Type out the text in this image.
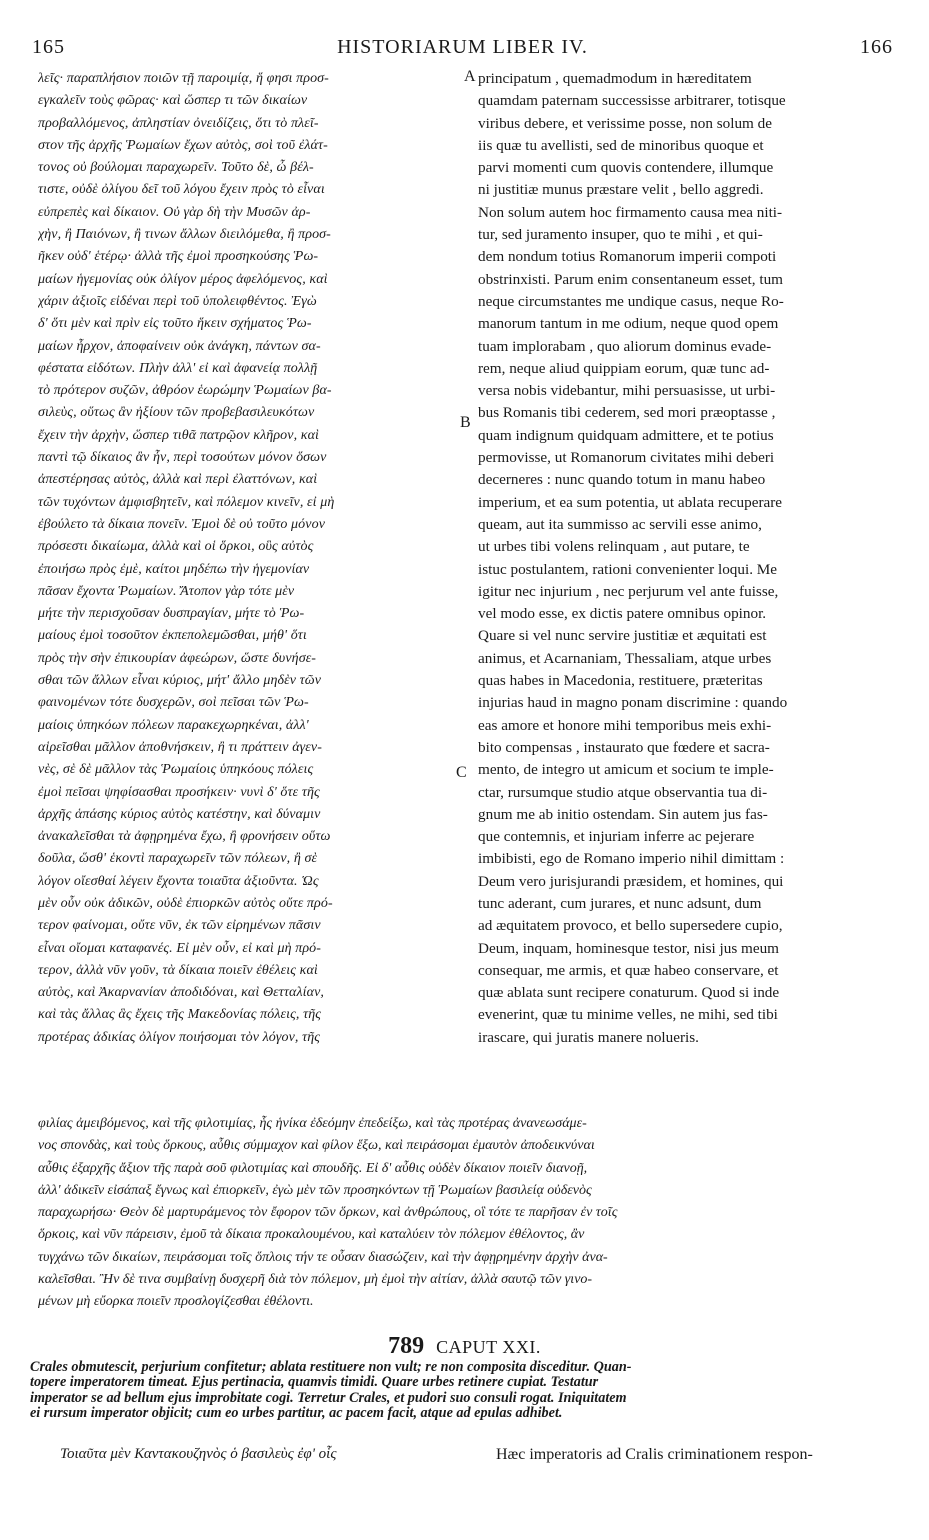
165	HISTORIARUM LIBER IV.	166
λεῖς· παραπλήσιον ποιῶν τῇ παροιμίᾳ, ἥ φησι προσ-
εγκαλεῖν τοὺς φῶρας· καὶ ὥσπερ τι τῶν δικαίων
προβαλλόμενος, ἀπληστίαν ὀνειδίζεις, ὅτι τὸ πλεῖ-
στον τῆς ἀρχῆς Ῥωμαίων ἔχων αὐτὸς, σοὶ τοῦ ἐλάτ-
τονος οὐ βούλομαι παραχωρεῖν. Τοῦτο δὲ, ὦ βέλ-
τιστε, οὐδὲ ὀλίγου δεῖ τοῦ λόγου ἔχειν πρὸς τὸ εἶναι
εὐπρεπὲς καὶ δίκαιον. Οὐ γὰρ δὴ τὴν Μυσῶν ἀρ-
χὴν, ἢ Παιόνων, ἢ τινων ἄλλων διειλόμεθα, ἢ προσ-
ῆκεν οὐδ' ἑτέρῳ· ἀλλὰ τῆς ἐμοὶ προσηκούσης Ῥω-
μαίων ἡγεμονίας οὐκ ὀλίγον μέρος ἀφελόμενος, καὶ
χάριν ἀξιοῖς εἰδέναι περὶ τοῦ ὑπολειφθέντος. Ἐγὼ
δ' ὅτι μὲν καὶ πρὶν εἰς τοῦτο ἥκειν σχήματος Ῥω-
μαίων ἦρχον, ἀποφαίνειν οὐκ ἀνάγκη, πάντων σα-
φέστατα εἰδότων. Πλὴν ἀλλ' εἰ καὶ ἀφανείᾳ πολλῇ
τὸ πρότερον συζῶν, ἀθρόον ἑωρώμην Ῥωμαίων βα-
σιλεὺς, οὕτως ἂν ἠξίουν τῶν προβεβασιλευκότων
ἔχειν τὴν ἀρχὴν, ὥσπερ τιθᾶ πατρῷον κλῆρον, καὶ
παντὶ τῷ δίκαιος ἂν ἦν, περὶ τοσούτων μόνον ὅσων
ἀπεστέρησας αὐτὸς, ἀλλὰ καὶ περὶ ἐλαττόνων, καὶ
τῶν τυχόντων ἀμφισβητεῖν, καὶ πόλεμον κινεῖν, εἰ μὴ
ἐβούλετο τὰ δίκαια πονεῖν. Ἐμοὶ δὲ οὐ τοῦτο μόνον
πρόσεστι δικαίωμα, ἀλλὰ καὶ οἱ ὅρκοι, οὓς αὐτὸς
ἐποιήσω πρὸς ἐμὲ, καίτοι μηδέπω τὴν ἡγεμονίαν
πᾶσαν ἔχοντα Ῥωμαίων. Ἄτοπον γὰρ τότε μὲν
μήτε τὴν περισχοῦσαν δυσπραγίαν, μήτε τὸ Ῥω-
μαίους ἐμοὶ τοσοῦτον ἐκπεπολεμῶσθαι, μήθ' ὅτι
πρὸς τὴν σὴν ἐπικουρίαν ἀφεώρων, ὥστε δυνήσε-
σθαι τῶν ἄλλων εἶναι κύριος, μήτ' ἄλλο μηδὲν τῶν
φαινομένων τότε δυσχερῶν, σοὶ πεῖσαι τῶν Ῥω-
μαίοις ὑπηκόων πόλεων παρακεχωρηκέναι, ἀλλ'
αἱρεῖσθαι μᾶλλον ἀποθνήσκειν, ἢ τι πράττειν ἀγεν-
νὲς, σὲ δὲ μᾶλλον τὰς Ῥωμαίοις ὑπηκόους πόλεις
ἐμοὶ πεῖσαι ψηφίσασθαι προσήκειν· νυνὶ δ' ὅτε τῆς
ἀρχῆς ἁπάσης κύριος αὐτὸς κατέστην, καὶ δύναμιν
ἀνακαλεῖσθαι τὰ ἀφῃρημένα ἔχω, ἢ φρονήσειν οὕτω
δοῦλα, ὥσθ' ἑκοντὶ παραχωρεῖν τῶν πόλεων, ἢ σὲ
λόγον οἴεσθαί λέγειν ἔχοντα τοιαῦτα ἀξιοῦντα. Ὡς
μὲν οὖν οὐκ ἀδικῶν, οὐδὲ ἐπιορκῶν αὐτὸς οὔτε πρό-
τερον φαίνομαι, οὔτε νῦν, ἐκ τῶν εἰρημένων πᾶσιν
εἶναι οἴομαι καταφανές. Εἰ μὲν οὖν, εἰ καὶ μὴ πρό-
τερον, ἀλλὰ νῦν γοῦν, τὰ δίκαια ποιεῖν ἐθέλεις καὶ
αὐτὸς, καὶ Ἀκαρνανίαν ἀποδιδόναι, καὶ Θετταλίαν,
καὶ τὰς ἄλλας ἃς ἔχεις τῆς Μακεδονίας πόλεις, τῆς
προτέρας ἀδικίας ὀλίγον ποιήσομαι τὸν λόγον, τῆς
principatum , quemadmodum in hæreditatem
quamdam paternam successisse arbitrarer, totisque
viribus debere, et verissime posse, non solum de
iis quæ tu avellisti, sed de minoribus quoque et
parvi momenti cum quovis contendere, illumque
ni justitiæ munus præstare velit , bello aggredi.
Non solum autem hoc firmamento causa mea niti-
tur, sed juramento insuper, quo te mihi , et qui-
dem nondum totius Romanorum imperii compoti
obstrinxisti. Parum enim consentaneum esset, tum
neque circumstantes me undique casus, neque Ro-
manorum tantum in me odium, neque quod opem
tuam implorabam , quo aliorum dominus evade-
rem, neque aliud quippiam eorum, quæ tunc ad-
versa nobis videbantur, mihi persuasisse, ut urbi-
bus Romanis tibi cederem, sed mori præoptasse ,
quam indignum quidquam admittere, et te potius
permovisse, ut Romanorum civitates mihi deberi
decerneres : nunc quando totum in manu habeo
imperium, et ea sum potentia, ut ablata recuperare
queam, aut ita summisso ac servili esse animo,
ut urbes tibi volens relinquam , aut putare, te
istuc postulantem, rationi convenienter loqui. Me
igitur nec injurium , nec perjurum vel ante fuisse,
vel modo esse, ex dictis patere omnibus opinor.
Quare si vel nunc servire justitiæ et æquitati est
animus, et Acarnaniam, Thessaliam, atque urbes
quas habes in Macedonia, restituere, præteritas
injurias haud in magno ponam discrimine : quando
eas amore et honore mihi temporibus meis exhi-
bito compensas , instaurato que fœdere et sacra-
mento, de integro ut amicum et socium te imple-
ctar, rursumque studio atque observantia tua di-
gnum me ab initio ostendam. Sin autem jus fas-
que contemnis, et injuriam inferre ac pejerare
imbibisti, ego de Romano imperio nihil dimittam :
Deum vero jurisjurandi præsidem, et homines, qui
tunc aderant, cum jurares, et nunc adsunt, dum
ad æquitatem provoco, et bello supersedere cupio,
Deum, inquam, hominesque testor, nisi jus meum
consequar, me armis, et quæ habeo conservare, et
quæ ablata sunt recipere conaturum. Quod si inde
evenerint, quæ tu minime velles, ne mihi, sed tibi
irascare, qui juratis manere nolueris.
A
B
C
φιλίας ἀμειβόμενος, καὶ τῆς φιλοτιμίας, ἧς ἡνίκα ἐδεόμην ἐπεδείξω, καὶ τὰς προτέρας ἀνανεωσάμε-
νος σπονδὰς, καὶ τοὺς ὅρκους, αὖθις σύμμαχον καὶ φίλον ἕξω, καὶ πειράσομαι ἐμαυτὸν ἀποδεικνύναι
αὖθις ἐξαρχῆς ἄξιον τῆς παρὰ σοῦ φιλοτιμίας καὶ σπουδῆς. Εἰ δ' αὖθις οὐδὲν δίκαιον ποιεῖν διανοῇ,
ἀλλ' ἀδικεῖν εἰσάπαξ ἔγνως καὶ ἐπιορκεῖν, ἐγὼ μὲν τῶν προσηκόντων τῇ Ῥωμαίων βασιλείᾳ οὐδενὸς
παραχωρήσω· Θεὸν δὲ μαρτυράμενος τὸν ἔφορον τῶν ὅρκων, καὶ ἀνθρώπους, οἳ τότε τε παρῆσαν ἐν τοῖς
ὅρκοις, καὶ νῦν πάρεισιν, ἐμοῦ τὰ δίκαια προκαλουμένου, καὶ καταλύειν τὸν πόλεμον ἐθέλοντος, ἂν
τυγχάνω τῶν δικαίων, πειράσομαι τοῖς ὅπλοις τήν τε οὖσαν διασώζειν, καὶ τὴν ἀφῃρημένην ἀρχὴν ἀνα-
καλεῖσθαι. Ἢν δὲ τινα συμβαίνῃ δυσχερῆ διὰ τὸν πόλεμον, μὴ ἐμοὶ τὴν αἰτίαν, ἀλλὰ σαυτῷ τῶν γινο-
μένων μὴ εὔορκα ποιεῖν προσλογίζεσθαι ἐθέλοντι.
789 CAPUT XXI.
Crales obmutescit, perjurium confitetur; ablata restituere non vult; re non composita disceditur. Quan-
topere imperatorem timeat. Ejus pertinacia, quamvis timidi. Quare urbes retinere cupiat. Testatur
imperator se ad bellum ejus improbitate cogi. Terretur Crales, et pudori suo consuli rogat. Iniquitatem
ei rursum imperator objicit; cum eo urbes partitur, ac pacem facit, atque ad epulas adhibet.
Τοιαῦτα μὲν Καντακουζηνὸς ὁ βασιλεὺς ἐφ' οἷς	Hæc imperatoris ad Cralis criminationem respon-
